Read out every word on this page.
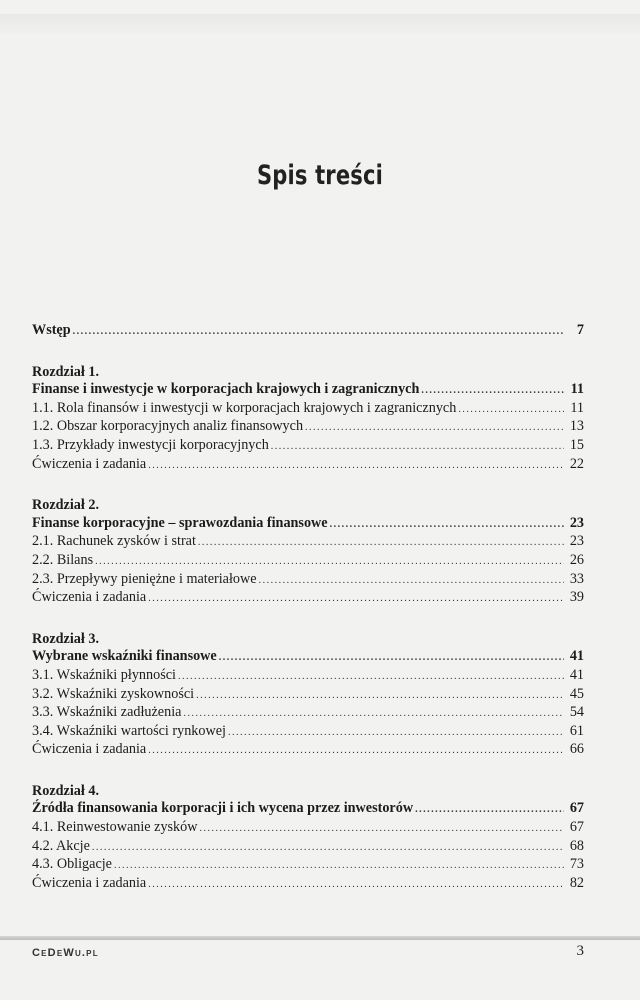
Spis treści
Wstęp .....	7
Rozdział 1.
Finanse i inwestycje w korporacjach krajowych i zagranicznych .....	11
1.1. Rola finansów i inwestycji w korporacjach krajowych i zagranicznych .....	11
1.2. Obszar korporacyjnych analiz finansowych .....	13
1.3. Przykłady inwestycji korporacyjnych .....	15
Ćwiczenia i zadania .....	22
Rozdział 2.
Finanse korporacyjne – sprawozdania finansowe .....	23
2.1. Rachunek zysków i strat .....	23
2.2. Bilans .....	26
2.3. Przepływy pieniężne i materiałowe .....	33
Ćwiczenia i zadania .....	39
Rozdział 3.
Wybrane wskaźniki finansowe .....	41
3.1. Wskaźniki płynności .....	41
3.2. Wskaźniki zyskowności .....	45
3.3. Wskaźniki zadłużenia .....	54
3.4. Wskaźniki wartości rynkowej .....	61
Ćwiczenia i zadania .....	66
Rozdział 4.
Źródła finansowania korporacji i ich wycena przez inwestorów .....	67
4.1. Reinwestowanie zysków .....	67
4.2. Akcje .....	68
4.3. Obligacje .....	73
Ćwiczenia i zadania .....	82
CeDeWu.pl	3
